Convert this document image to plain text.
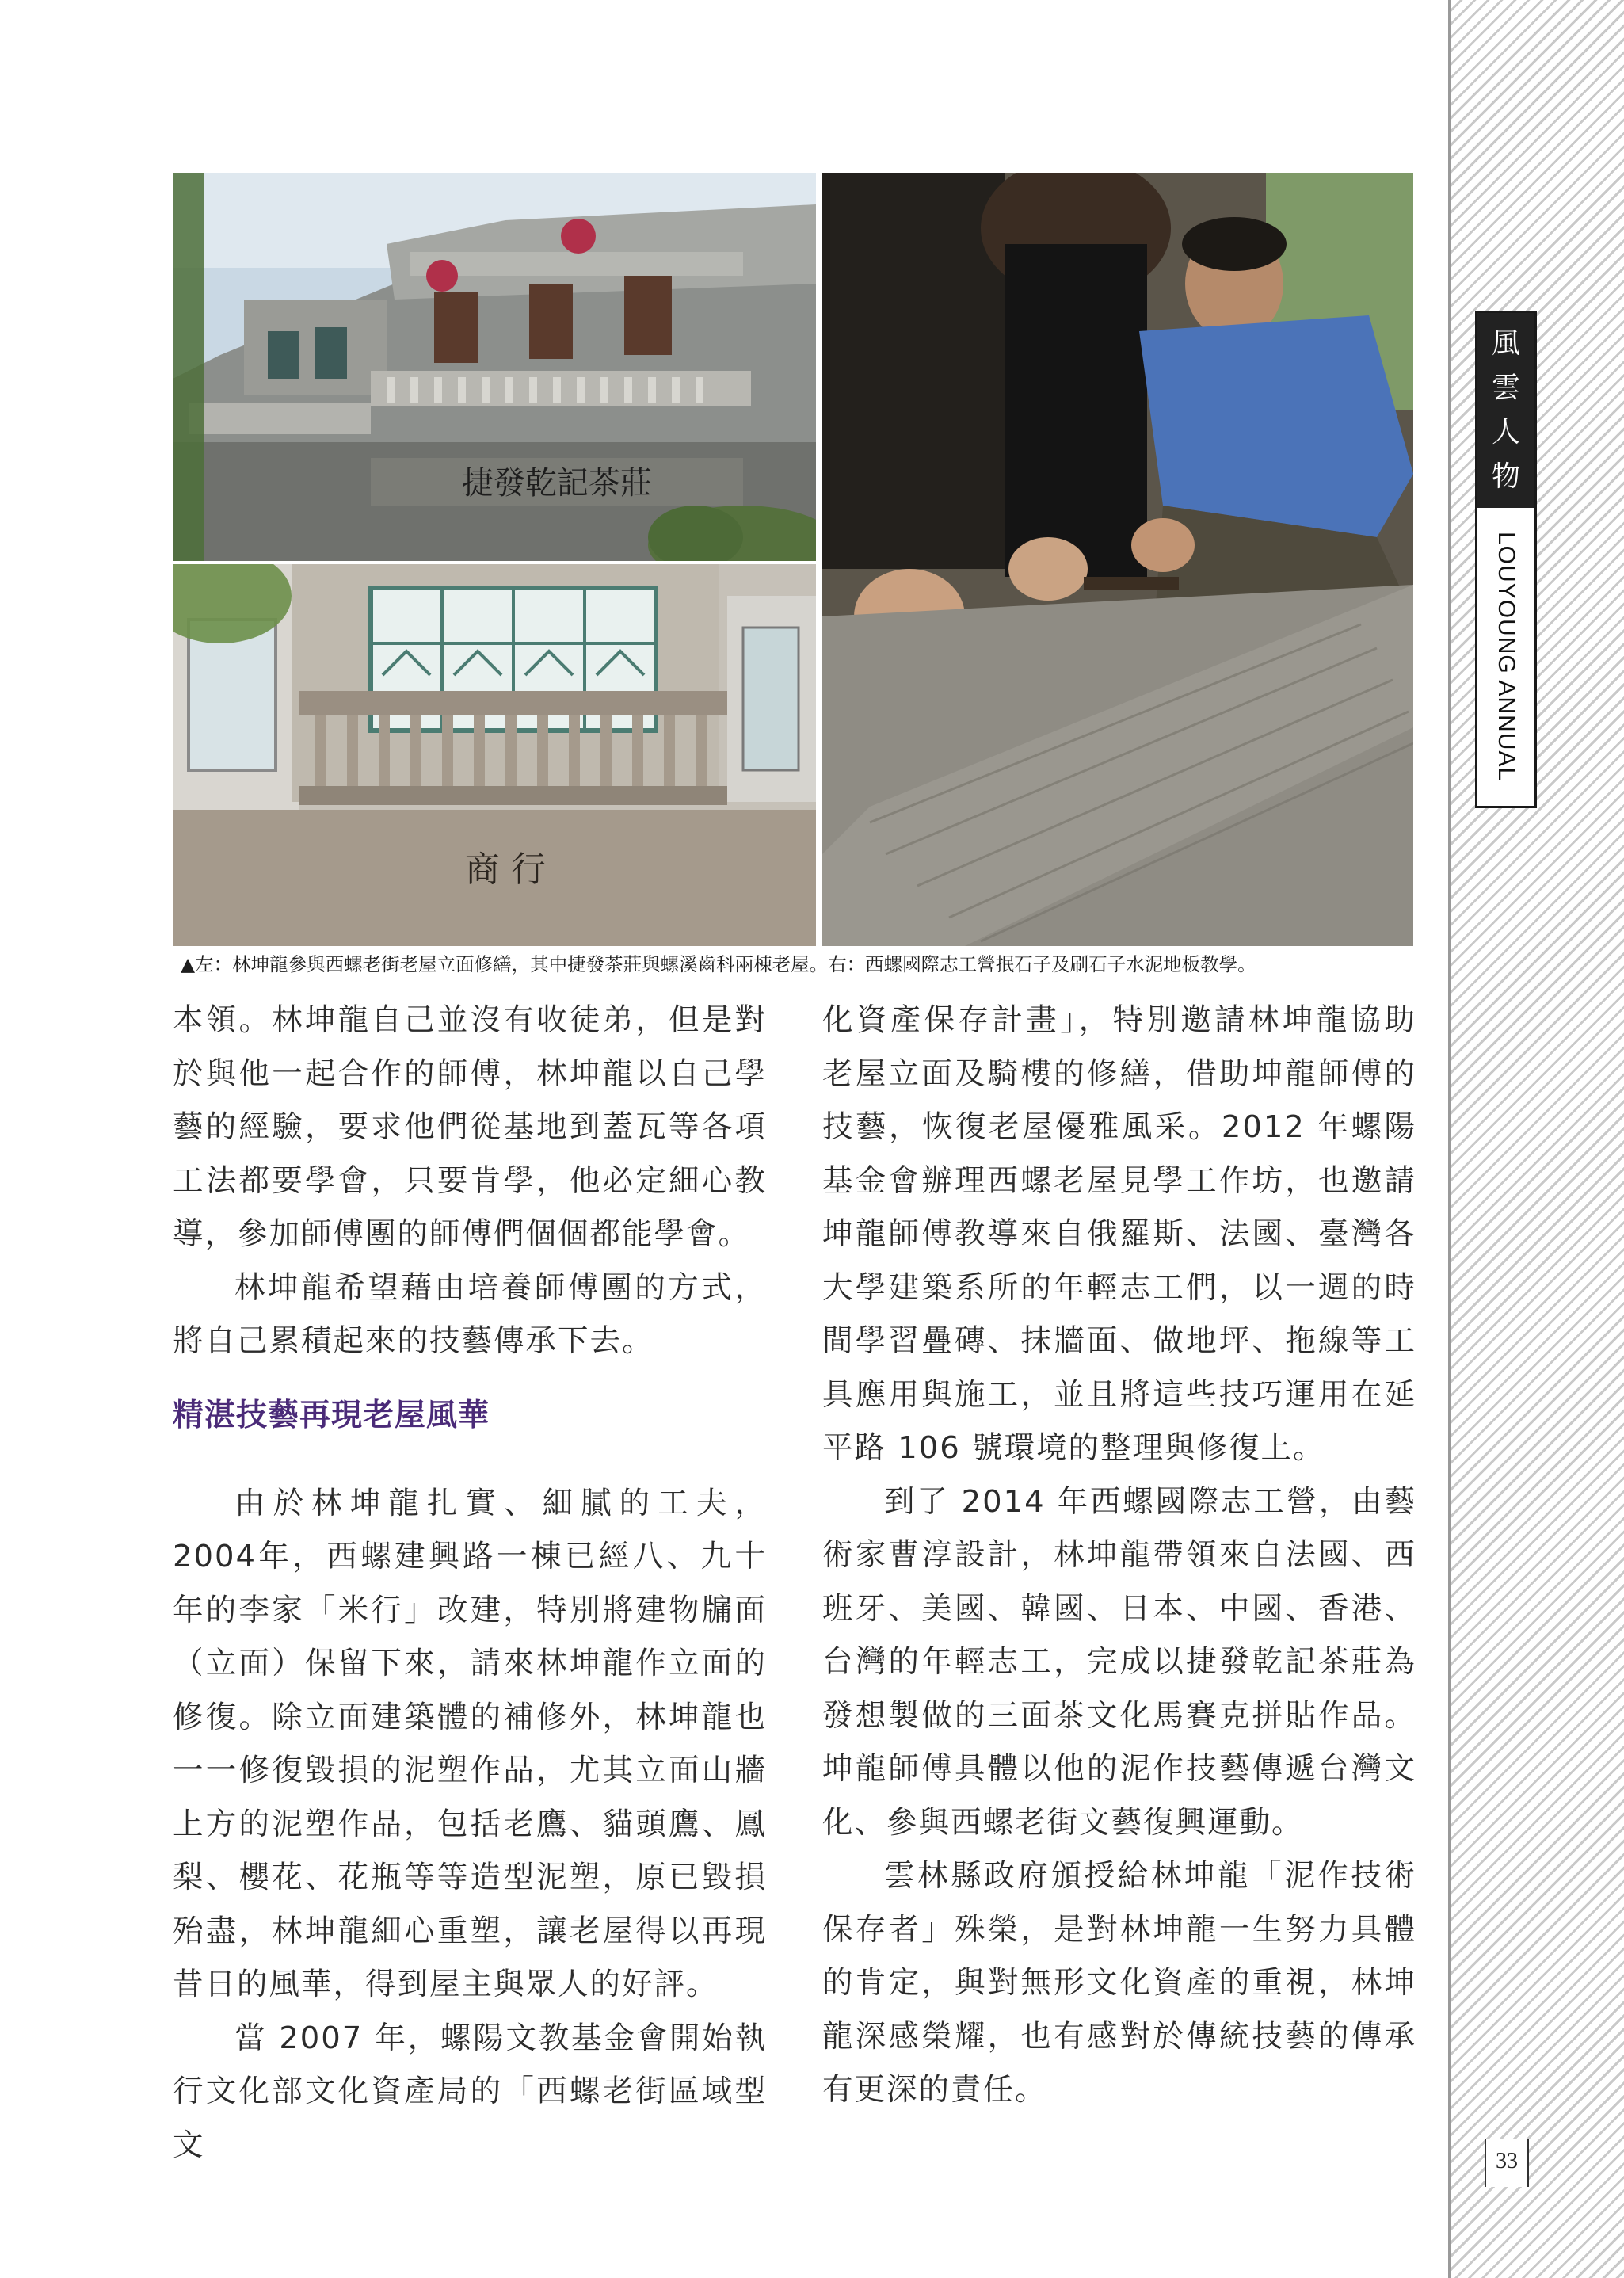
風
雲
人
物
LOUYOUNG ANNUAL
捷發乾記茶莊
商 行
▲左：林坤龍參與西螺老街老屋立面修繕，其中捷發茶莊與螺溪齒科兩棟老屋。右：西螺國際志工營抿石子及刷石子水泥地板教學。

本領。林坤龍自己並沒有收徒弟，但是對於與他一起合作的師傅，林坤龍以自己學藝的經驗，要求他們從基地到蓋瓦等各項工法都要學會，只要肯學，他必定細心教導，參加師傅團的師傅們個個都能學會。

林坤龍希望藉由培養師傅團的方式，將自己累積起來的技藝傳承下去。

精湛技藝再現老屋風華

由於林坤龍扎實、細膩的工夫，2004年，西螺建興路一棟已經八、九十年的李家「米行」改建，特別將建物牖面（立面）保留下來，請來林坤龍作立面的修復。除立面建築體的補修外，林坤龍也一一修復毀損的泥塑作品，尤其立面山牆上方的泥塑作品，包括老鷹、貓頭鷹、鳳梨、櫻花、花瓶等等造型泥塑，原已毀損殆盡，林坤龍細心重塑，讓老屋得以再現昔日的風華，得到屋主與眾人的好評。

當 2007 年，螺陽文教基金會開始執行文化部文化資產局的「西螺老街區域型文

化資產保存計畫」，特別邀請林坤龍協助老屋立面及騎樓的修繕，借助坤龍師傅的技藝，恢復老屋優雅風采。2012 年螺陽基金會辦理西螺老屋見學工作坊，也邀請坤龍師傅教導來自俄羅斯、法國、臺灣各大學建築系所的年輕志工們，以一週的時間學習疊磚、抹牆面、做地坪、拖線等工具應用與施工，並且將這些技巧運用在延平路 106 號環境的整理與修復上。

到了 2014 年西螺國際志工營，由藝術家曹淳設計，林坤龍帶領來自法國、西班牙、美國、韓國、日本、中國、香港、台灣的年輕志工，完成以捷發乾記茶莊為發想製做的三面茶文化馬賽克拼貼作品。坤龍師傅具體以他的泥作技藝傳遞台灣文化、參與西螺老街文藝復興運動。

雲林縣政府頒授給林坤龍「泥作技術保存者」殊榮，是對林坤龍一生努力具體的肯定，與對無形文化資產的重視，林坤龍深感榮耀，也有感對於傳統技藝的傳承有更深的責任。

33
